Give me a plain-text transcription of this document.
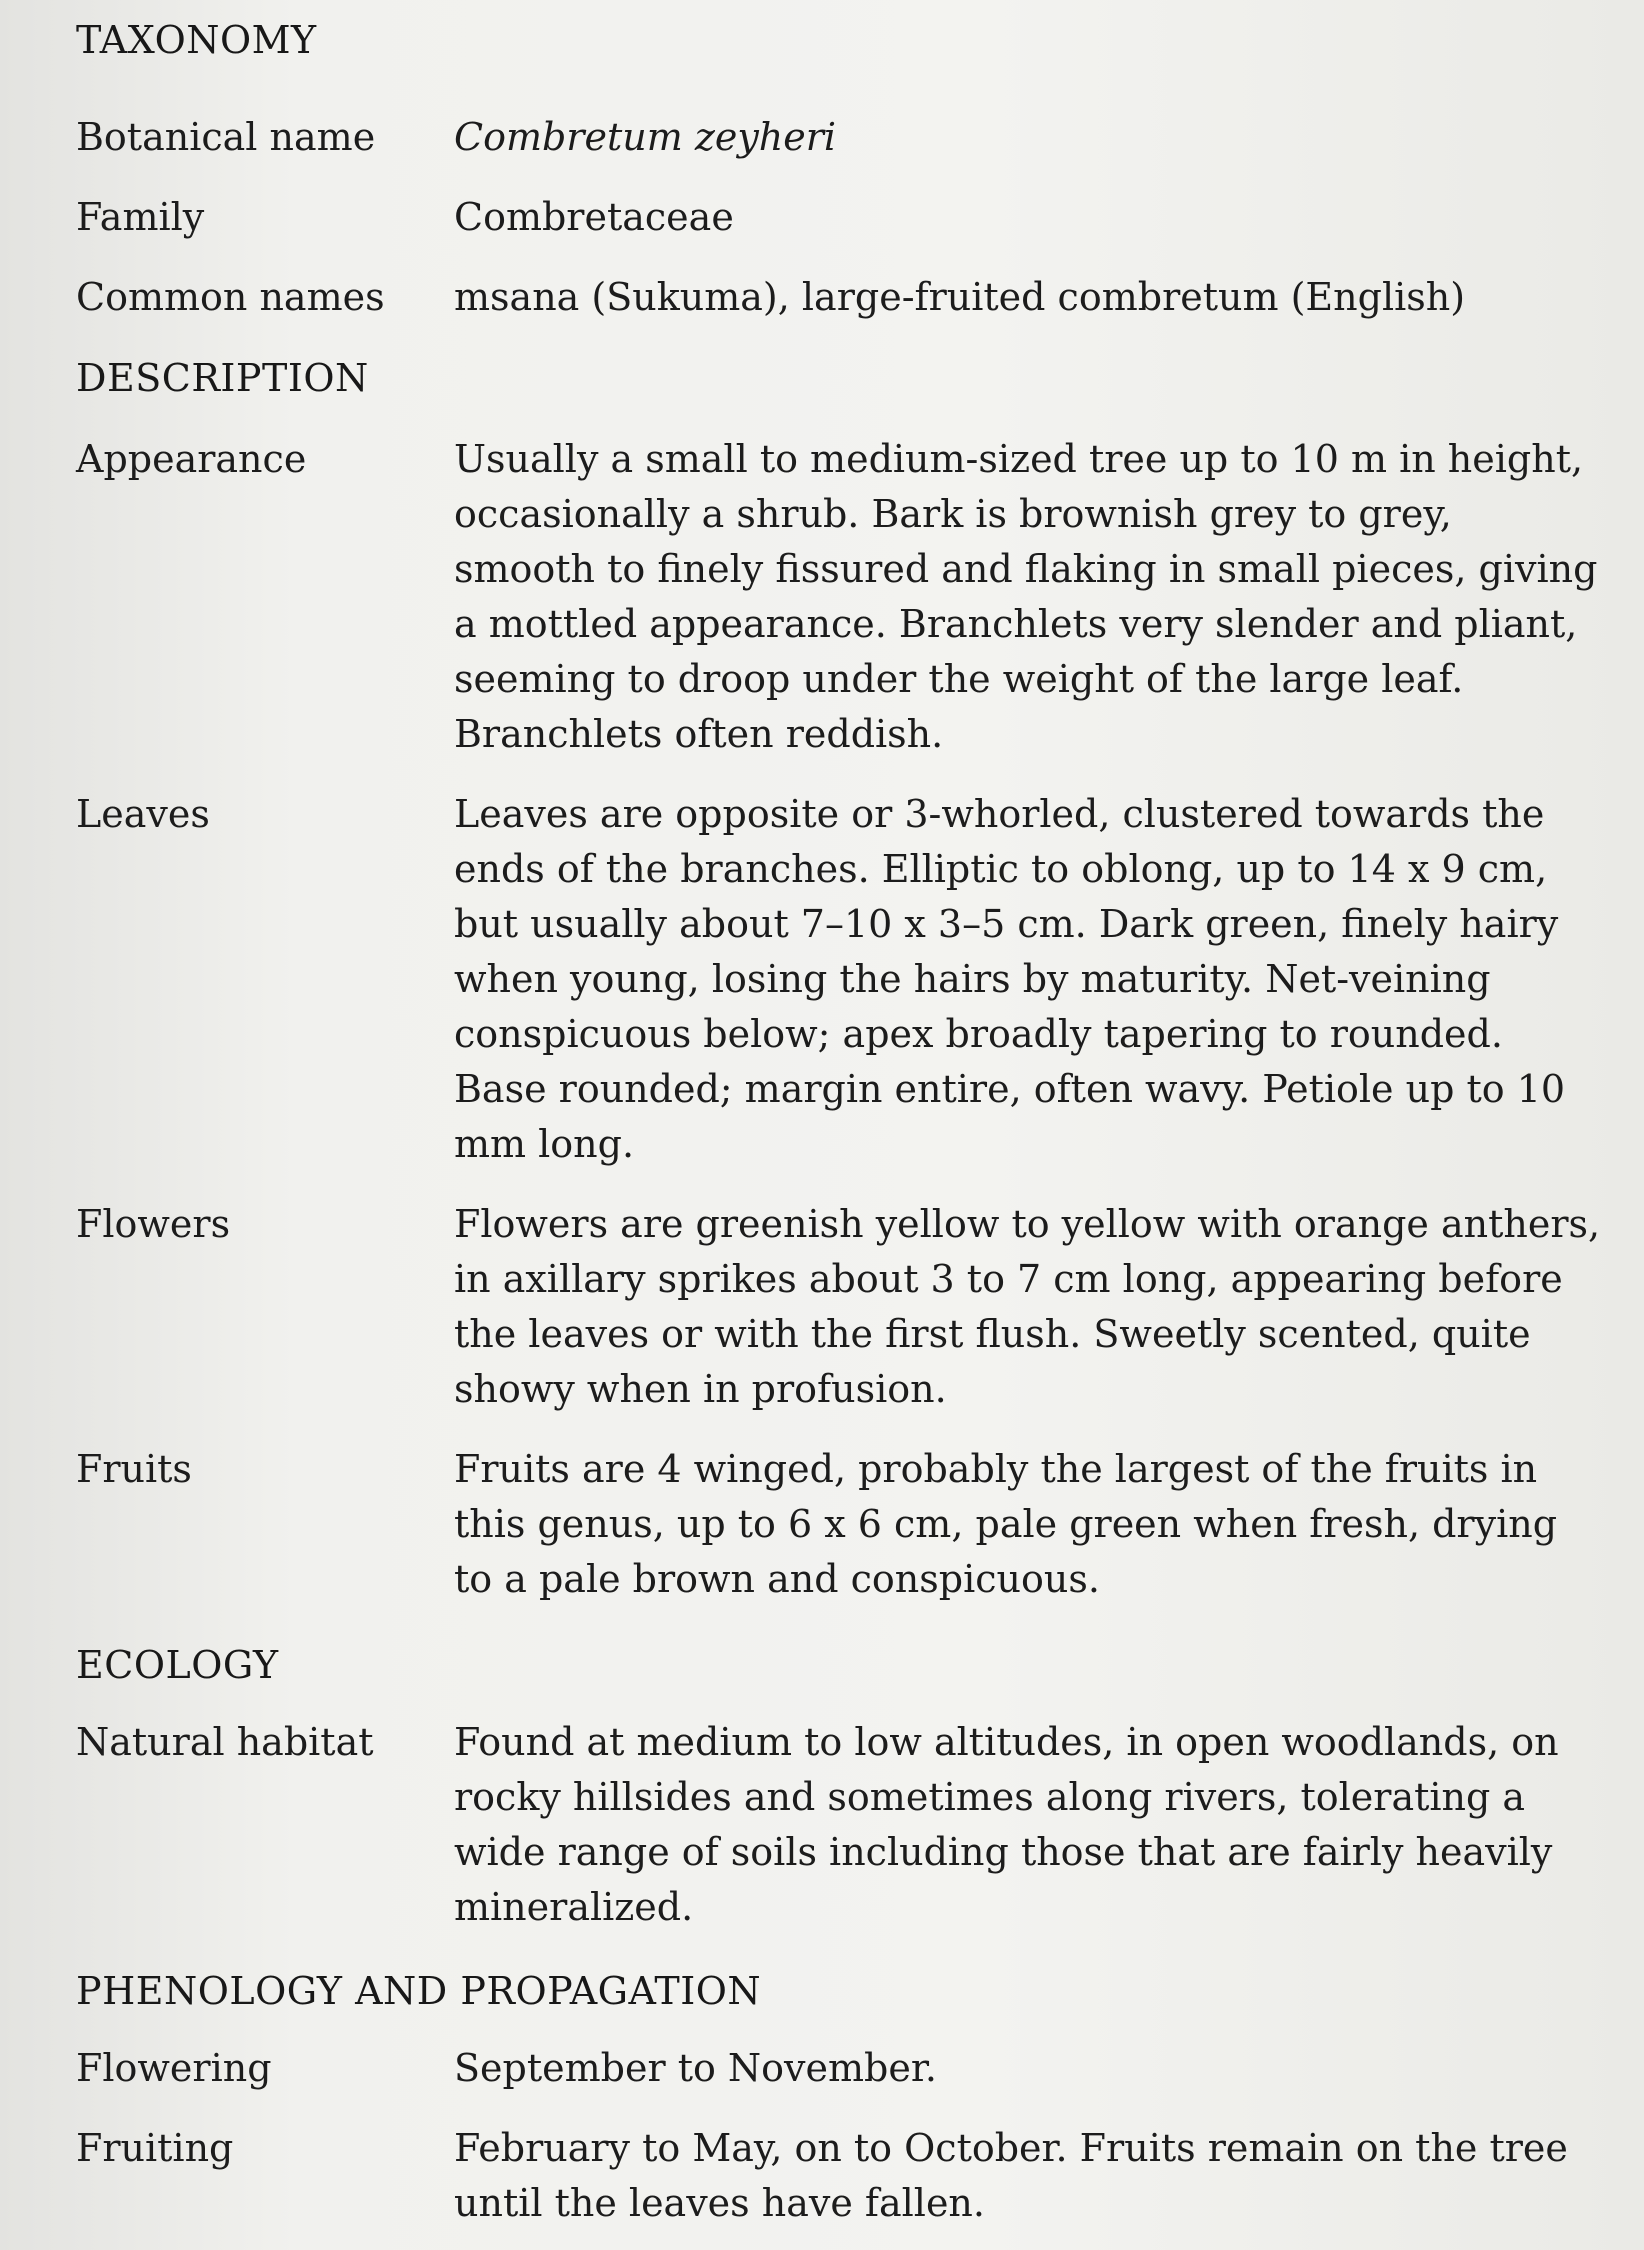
TAXONOMY
Botanical name	Combretum zeyheri
Family	Combretaceae
Common names	msana (Sukuma), large-fruited combretum (English)
DESCRIPTION
Appearance	Usually a small to medium-sized tree up to 10 m in height, occasionally a shrub. Bark is brownish grey to grey, smooth to finely fissured and flaking in small pieces, giving a mottled appearance. Branchlets very slender and pliant, seeming to droop under the weight of the large leaf. Branchlets often reddish.
Leaves	Leaves are opposite or 3-whorled, clustered towards the ends of the branches. Elliptic to oblong, up to 14 x 9 cm, but usually about 7–10 x 3–5 cm. Dark green, finely hairy when young, losing the hairs by maturity. Net-veining conspicuous below; apex broadly tapering to rounded. Base rounded; margin entire, often wavy. Petiole up to 10 mm long.
Flowers	Flowers are greenish yellow to yellow with orange anthers, in axillary sprikes about 3 to 7 cm long, appearing before the leaves or with the first flush. Sweetly scented, quite showy when in profusion.
Fruits	Fruits are 4 winged, probably the largest of the fruits in this genus, up to 6 x 6 cm, pale green when fresh, drying to a pale brown and conspicuous.
ECOLOGY
Natural habitat	Found at medium to low altitudes, in open woodlands, on rocky hillsides and sometimes along rivers, tolerating a wide range of soils including those that are fairly heavily mineralized.
PHENOLOGY AND PROPAGATION
Flowering	September to November.
Fruiting	February to May, on to October. Fruits remain on the tree until the leaves have fallen.
